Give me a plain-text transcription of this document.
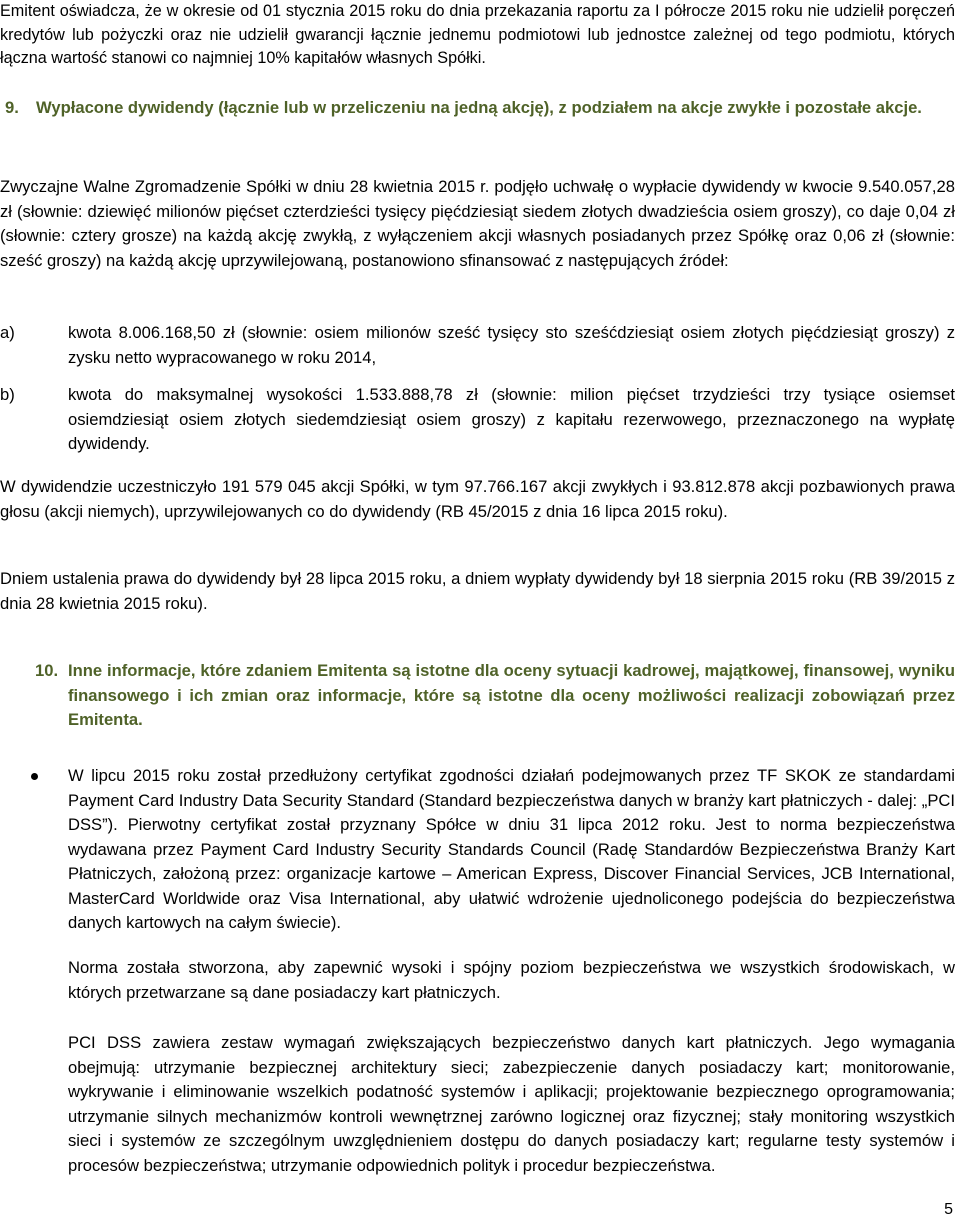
Emitent oświadcza, że w okresie od 01 stycznia 2015 roku do dnia przekazania raportu za I półrocze 2015 roku nie udzielił poręczeń kredytów lub pożyczki oraz nie udzielił gwarancji łącznie jednemu podmiotowi lub jednostce zależnej od tego podmiotu, których łączna wartość stanowi co najmniej 10% kapitałów własnych Spółki.

9. Wypłacone dywidendy (łącznie lub w przeliczeniu na jedną akcję), z podziałem na akcje zwykłe i pozostałe akcje.

Zwyczajne Walne Zgromadzenie Spółki w dniu 28 kwietnia 2015 r. podjęło uchwałę o wypłacie dywidendy w kwocie 9.540.057,28 zł (słownie: dziewięć milionów pięćset czterdzieści tysięcy pięćdziesiąt siedem złotych dwadzieścia osiem groszy), co daje 0,04 zł (słownie: cztery grosze) na każdą akcję zwykłą, z wyłączeniem akcji własnych posiadanych przez Spółkę oraz 0,06 zł (słownie: sześć groszy) na każdą akcję uprzywilejowaną, postanowiono sfinansować z następujących źródeł:

a)	kwota 8.006.168,50 zł (słownie: osiem milionów sześć tysięcy sto sześćdziesiąt osiem złotych pięćdziesiąt groszy) z zysku netto wypracowanego w roku 2014,
b)	kwota do maksymalnej wysokości 1.533.888,78 zł (słownie: milion pięćset trzydzieści trzy tysiące osiemset osiemdziesiąt osiem złotych siedemdziesiąt osiem groszy) z kapitału rezerwowego, przeznaczonego na wypłatę dywidendy.

W dywidendzie uczestniczyło 191 579 045 akcji Spółki, w tym 97.766.167 akcji zwykłych i 93.812.878 akcji pozbawionych prawa głosu (akcji niemych), uprzywilejowanych co do dywidendy (RB 45/2015 z dnia 16 lipca 2015 roku).

Dniem ustalenia prawa do dywidendy był 28 lipca 2015 roku, a dniem wypłaty dywidendy był 18 sierpnia 2015 roku (RB 39/2015 z dnia 28 kwietnia 2015 roku).

10. Inne informacje, które zdaniem Emitenta są istotne dla oceny sytuacji kadrowej, majątkowej, finansowej, wyniku finansowego i ich zmian oraz informacje, które są istotne dla oceny możliwości realizacji zobowiązań przez Emitenta.

W lipcu 2015 roku został przedłużony certyfikat zgodności działań podejmowanych przez TF SKOK ze standardami Payment Card Industry Data Security Standard (Standard bezpieczeństwa danych w branży kart płatniczych - dalej: „PCI DSS”). Pierwotny certyfikat został przyznany Spółce w dniu 31 lipca 2012 roku. Jest to norma bezpieczeństwa wydawana przez Payment Card Industry Security Standards Council (Radę Standardów Bezpieczeństwa Branży Kart Płatniczych, założoną przez: organizacje kartowe – American Express, Discover Financial Services, JCB International, MasterCard Worldwide oraz Visa International, aby ułatwić wdrożenie ujednoliconego podejścia do bezpieczeństwa danych kartowych na całym świecie).

Norma została stworzona, aby zapewnić wysoki i spójny poziom bezpieczeństwa we wszystkich środowiskach, w których przetwarzane są dane posiadaczy kart płatniczych.

PCI DSS zawiera zestaw wymagań zwiększających bezpieczeństwo danych kart płatniczych. Jego wymagania obejmują: utrzymanie bezpiecznej architektury sieci; zabezpieczenie danych posiadaczy kart; monitorowanie, wykrywanie i eliminowanie wszelkich podatność systemów i aplikacji; projektowanie bezpiecznego oprogramowania; utrzymanie silnych mechanizmów kontroli wewnętrznej zarówno logicznej oraz fizycznej; stały monitoring wszystkich sieci i systemów ze szczególnym uwzględnieniem dostępu do danych posiadaczy kart; regularne testy systemów i procesów bezpieczeństwa; utrzymanie odpowiednich polityk i procedur bezpieczeństwa.

5
